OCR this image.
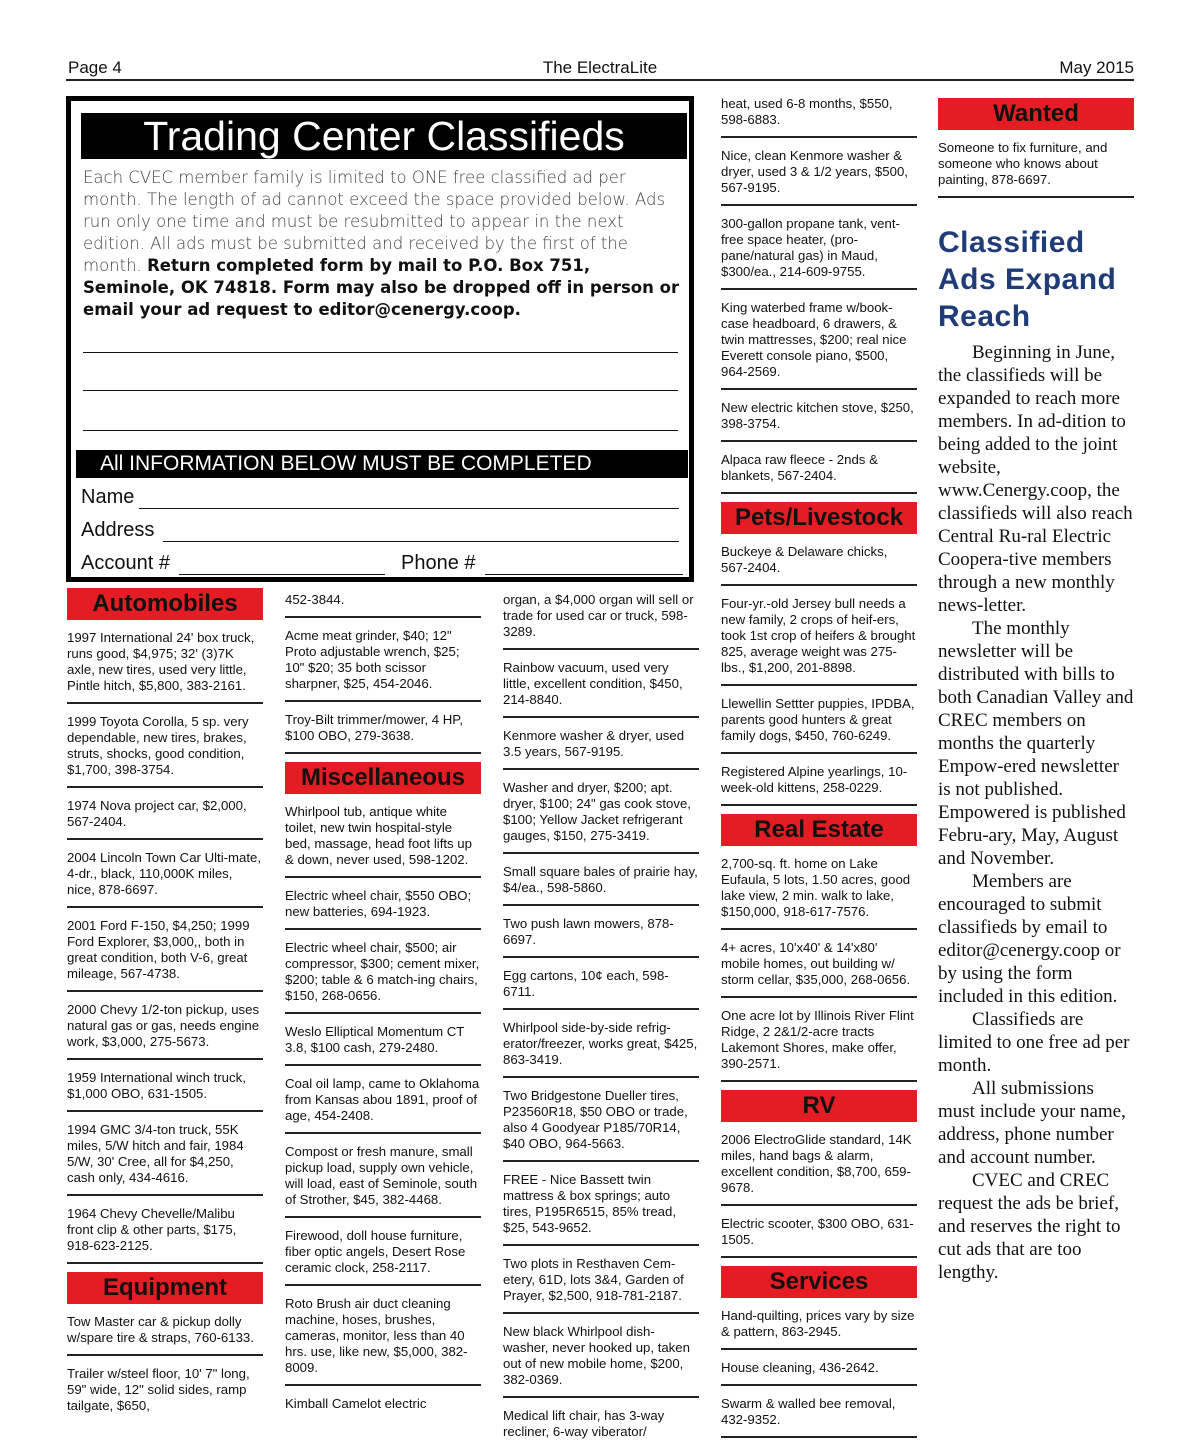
Page 4	The ElectraLite	May 2015
Trading Center Classifieds
Each CVEC member family is limited to ONE free classified ad per month. The length of ad cannot exceed the space provided below. Ads run only one time and must be resubmitted to appear in the next edition. All ads must be submitted and received by the first of the month. Return completed form by mail to P.O. Box 751, Seminole, OK 74818. Form may also be dropped off in person or email your ad request to editor@cenergy.coop.
All INFORMATION BELOW MUST BE COMPLETED
Name
Address
Account #	Phone #
Automobiles
1997 International 24' box truck, runs good, $4,975; 32' (3)7K axle, new tires, used very little, Pintle hitch, $5,800, 383-2161.
1999 Toyota Corolla, 5 sp. very dependable, new tires, brakes, struts, shocks, good condition, $1,700, 398-3754.
1974 Nova project car, $2,000, 567-2404.
2004 Lincoln Town Car Ulti-mate, 4-dr., black, 110,000K miles, nice, 878-6697.
2001 Ford F-150, $4,250; 1999 Ford Explorer, $3,000,, both in great condition, both V-6, great mileage, 567-4738.
2000 Chevy 1/2-ton pickup, uses natural gas or gas, needs engine work, $3,000, 275-5673.
1959 International winch truck, $1,000 OBO, 631-1505.
1994 GMC 3/4-ton truck, 55K miles, 5/W hitch and fair, 1984 5/W, 30' Cree, all for $4,250, cash only, 434-4616.
1964 Chevy Chevelle/Malibu front clip & other parts, $175, 918-623-2125.
Equipment
Tow Master car & pickup dolly w/spare tire & straps, 760-6133.
Trailer w/steel floor, 10' 7" long, 59" wide, 12" solid sides, ramp tailgate, $650,
452-3844.
Acme meat grinder, $40; 12" Proto adjustable wrench, $25; 10" $20; 35 both scissor sharpner, $25, 454-2046.
Troy-Bilt trimmer/mower, 4 HP, $100 OBO, 279-3638.
Miscellaneous
Whirlpool tub, antique white toilet, new twin hospital-style bed, massage, head foot lifts up & down, never used, 598-1202.
Electric wheel chair, $550 OBO; new batteries, 694-1923.
Electric wheel chair, $500; air compressor, $300; cement mixer, $200; table & 6 match-ing chairs, $150, 268-0656.
Weslo Elliptical Momentum CT 3.8, $100 cash, 279-2480.
Coal oil lamp, came to Oklahoma from Kansas abou 1891, proof of age, 454-2408.
Compost or fresh manure, small pickup load, supply own vehicle, will load, east of Seminole, south of Strother, $45, 382-4468.
Firewood, doll house furniture, fiber optic angels, Desert Rose ceramic clock, 258-2117.
Roto Brush air duct cleaning machine, hoses, brushes, cameras, monitor, less than 40 hrs. use, like new, $5,000, 382-8009.
Kimball Camelot electric
organ, a $4,000 organ will sell or trade for used car or truck, 598-3289.
Rainbow vacuum, used very little, excellent condition, $450, 214-8840.
Kenmore washer & dryer, used 3.5 years, 567-9195.
Washer and dryer, $200; apt. dryer, $100; 24" gas cook stove, $100; Yellow Jacket refrigerant gauges, $150, 275-3419.
Small square bales of prairie hay, $4/ea., 598-5860.
Two push lawn mowers, 878-6697.
Egg cartons, 10¢ each, 598-6711.
Whirlpool side-by-side refrig-erator/freezer, works great, $425, 863-3419.
Two Bridgestone Dueller tires, P23560R18, $50 OBO or trade, also 4 Goodyear P185/70R14, $40 OBO, 964-5663.
FREE - Nice Bassett twin mattress & box springs; auto tires, P195R6515, 85% tread, $25, 543-9652.
Two plots in Resthaven Cem-etery, 61D, lots 3&4, Garden of Prayer, $2,500, 918-781-2187.
New black Whirlpool dish-washer, never hooked up, taken out of new mobile home, $200, 382-0369.
Medical lift chair, has 3-way recliner, 6-way viberator/
heat, used 6-8 months, $550, 598-6883.
Nice, clean Kenmore washer & dryer, used 3 & 1/2 years, $500, 567-9195.
300-gallon propane tank, vent-free space heater, (pro-pane/natural gas) in Maud, $300/ea., 214-609-9755.
King waterbed frame w/book-case headboard, 6 drawers, & twin mattresses, $200; real nice Everett console piano, $500, 964-2569.
New electric kitchen stove, $250, 398-3754.
Alpaca raw fleece - 2nds & blankets, 567-2404.
Pets/Livestock
Buckeye & Delaware chicks, 567-2404.
Four-yr.-old Jersey bull needs a new family, 2 crops of heif-ers, took 1st crop of heifers & brought 825, average weight was 275-lbs., $1,200, 201-8898.
Llewellin Settter puppies, IPDBA, parents good hunters & great family dogs, $450, 760-6249.
Registered Alpine yearlings, 10-week-old kittens, 258-0229.
Real Estate
2,700-sq. ft. home on Lake Eufaula, 5 lots, 1.50 acres, good lake view, 2 min. walk to lake, $150,000, 918-617-7576.
4+ acres, 10'x40' & 14'x80' mobile homes, out building w/ storm cellar, $35,000, 268-0656.
One acre lot by Illinois River Flint Ridge, 2 2&1/2-acre tracts Lakemont Shores, make offer, 390-2571.
RV
2006 ElectroGlide standard, 14K miles, hand bags & alarm, excellent condition, $8,700, 659-9678.
Electric scooter, $300 OBO, 631-1505.
Services
Hand-quilting, prices vary by size & pattern, 863-2945.
House cleaning, 436-2642.
Swarm & walled bee removal, 432-9352.
Wanted
Someone to fix furniture, and someone who knows about painting, 878-6697.
Classified Ads Expand Reach

Beginning in June, the classifieds will be expanded to reach more members. In ad-dition to being added to the joint website, www.Cenergy.coop, the classifieds will also reach Central Ru-ral Electric Coopera-tive members through a new monthly news-letter.

The monthly newsletter will be distributed with bills to both Canadian Valley and CREC members on months the quarterly Empow-ered newsletter is not published. Empowered is published Febru-ary, May, August and November.

Members are encouraged to submit classifieds by email to editor@cenergy.coop or by using the form included in this edition.

Classifieds are limited to one free ad per month.

All submissions must include your name, address, phone number and account number.

CVEC and CREC request the ads be brief, and reserves the right to cut ads that are too lengthy.
